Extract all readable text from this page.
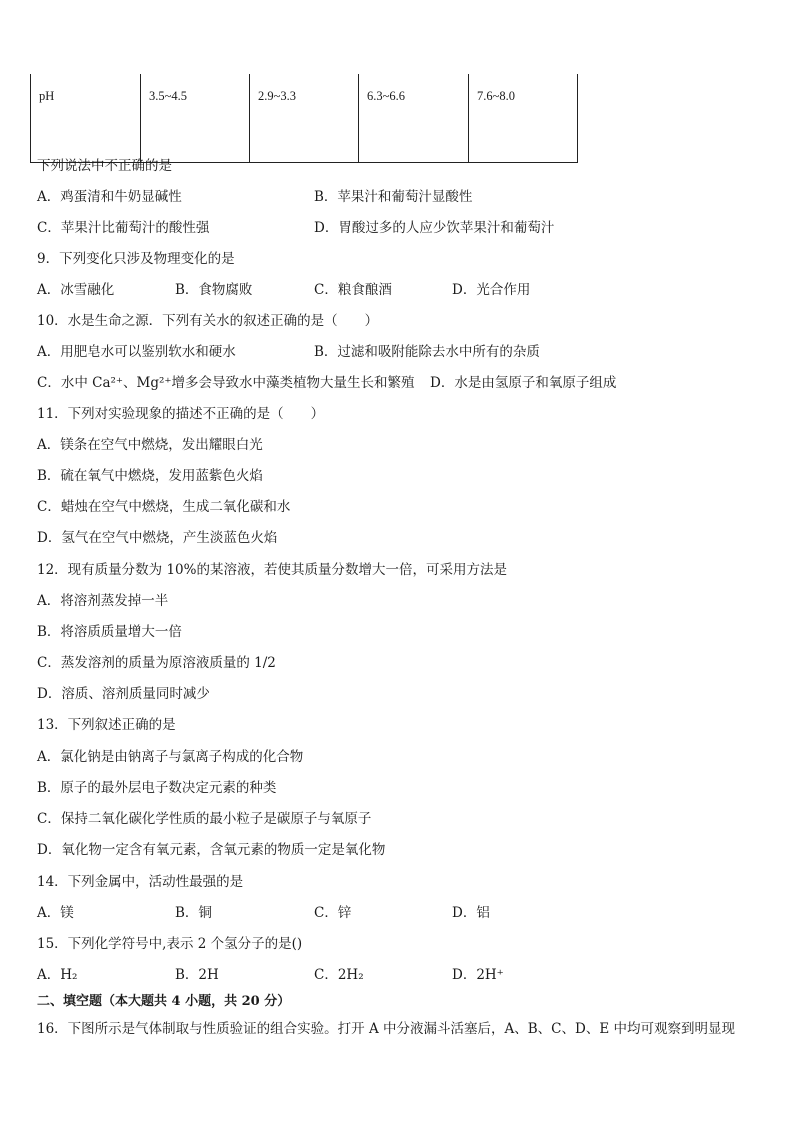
pH	3.5~4.5	2.9~3.3	6.3~6.6	7.6~8.0
下列说法中不正确的是
A．鸡蛋清和牛奶显碱性	B．苹果汁和葡萄汁显酸性
C．苹果汁比葡萄汁的酸性强	D．胃酸过多的人应少饮苹果汁和葡萄汁
9．下列变化只涉及物理变化的是
A．冰雪融化	B．食物腐败	C．粮食酿酒	D．光合作用
10．水是生命之源．下列有关水的叙述正确的是（　　）
A．用肥皂水可以鉴别软水和硬水	B．过滤和吸附能除去水中所有的杂质
C．水中 Ca²⁺、Mg²⁺增多会导致水中藻类植物大量生长和繁殖 D．水是由氢原子和氧原子组成
11．下列对实验现象的描述不正确的是（　　）
A．镁条在空气中燃烧，发出耀眼白光
B．硫在氧气中燃烧，发用蓝紫色火焰
C．蜡烛在空气中燃烧，生成二氧化碳和水
D．氢气在空气中燃烧，产生淡蓝色火焰
12．现有质量分数为 10%的某溶液，若使其质量分数增大一倍，可采用方法是
A．将溶剂蒸发掉一半
B．将溶质质量增大一倍
C．蒸发溶剂的质量为原溶液质量的 1/2
D．溶质、溶剂质量同时减少
13．下列叙述正确的是
A．氯化钠是由钠离子与氯离子构成的化合物
B．原子的最外层电子数决定元素的种类
C．保持二氧化碳化学性质的最小粒子是碳原子与氧原子
D．氧化物一定含有氧元素，含氧元素的物质一定是氧化物
14．下列金属中，活动性最强的是
A．镁	B．铜	C．锌	D．铝
15．下列化学符号中,表示 2 个氢分子的是()
A．H₂	B．2H	C．2H₂	D．2H⁺
二、填空题（本大题共 4 小题，共 20 分）
16．下图所示是气体制取与性质验证的组合实验。打开 A 中分液漏斗活塞后，A、B、C、D、E 中均可观察到明显现
